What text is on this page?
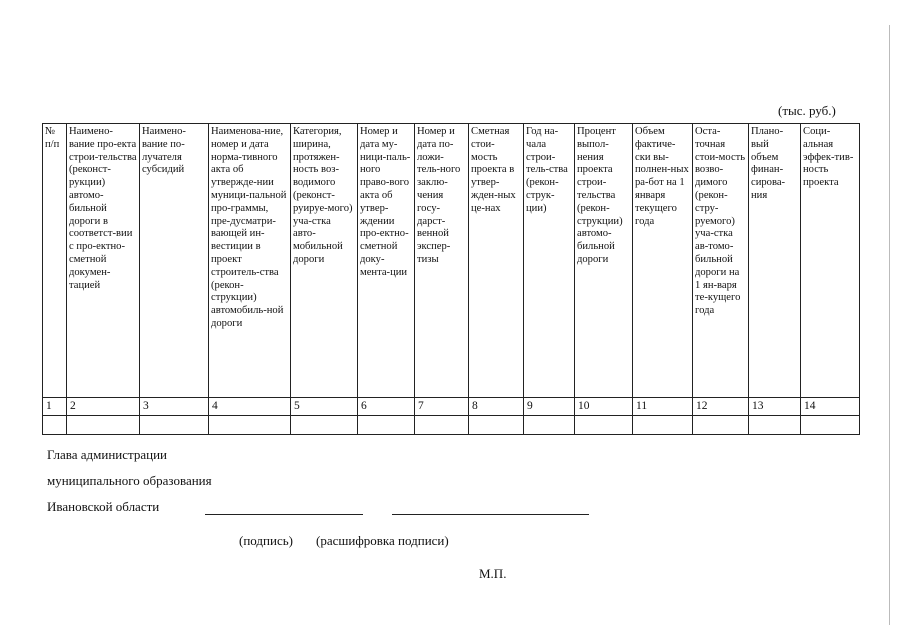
(тыс. руб.)
№ п/п	Наимено-вание про-екта строи-тельства (реконст-рукции) автомо-бильной дороги в соответст-вии с про-ектно-сметной докумен-тацией	Наимено-вание по-лучателя субсидий	Наименова-ние, номер и дата норма-тивного акта об утвержде-нии муници-пальной про-граммы, пре-дусматри-вающей ин-вестиции в проект строитель-ства (рекон-струкции) автомобиль-ной дороги	Категория, ширина, протяжен-ность воз-водимого (реконст-руируе-мого) уча-стка авто-мобильной дороги	Номер и дата му-ници-паль-ного право-вого акта об утвер-ждении про-ектно-сметной доку-мента-ции	Номер и дата по-ложи-тель-ного заклю-чения госу-дарст-венной экспер-тизы	Сметная стои-мость проекта в утвер-жден-ных це-нах	Год на-чала строи-тель-ства (рекон-струк-ции)	Процент выпол-нения проекта строи-тельства (рекон-струкции) автомо-бильной дороги	Объем фактиче-ски вы-полнен-ных ра-бот на 1 января текущего года	Оста-точная стои-мость возво-димого (рекон-стру-руемого) уча-стка ав-томо-бильной дороги на 1 ян-варя те-кущего года	Плано-вый объем финан-сирова-ния	Соци-альная эффек-тив-ность проекта
1	2	3	4	5	6	7	8	9	10	11	12	13	14

Глава администрации
муниципального образования
Ивановской области
(подпись) (расшифровка подписи)
М.П.
